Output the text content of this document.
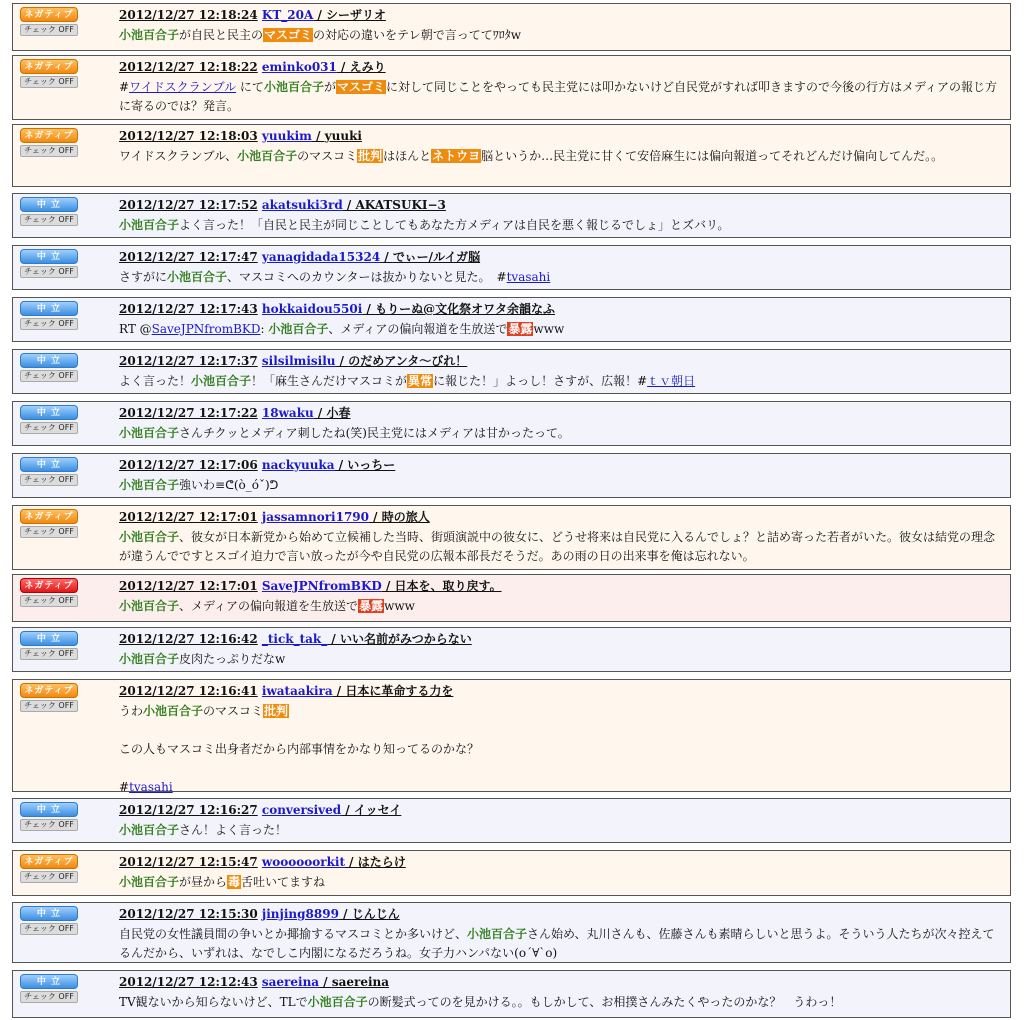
ネガティブ
チェック OFF
2012/12/27 12:18:24 KT_20A / シーザリオ
小池百合子が自民と民主のマスゴミの対応の違いをテレ朝で言っててﾜﾛﾀw
ネガティブ
チェック OFF
2012/12/27 12:18:22 eminko031 / えみり
#ワイドスクランブル にて小池百合子がマスゴミに対して同じことをやっても民主党には叩かないけど自民党がすれば叩きますので今後の行方はメディアの報じ方に寄るのでは？発言。
ネガティブ
チェック OFF
2012/12/27 12:18:03 yuukim / yuuki
ワイドスクランブル、小池百合子のマスコミ批判はほんとネトウヨ脳というか…民主党に甘くて安倍麻生には偏向報道ってそれどんだけ偏向してんだ。。
中 立
チェック OFF
2012/12/27 12:17:52 akatsuki3rd / AKATSUKI−3
小池百合子よく言った！「自民と民主が同じことしてもあなた方メディアは自民を悪く報じるでしょ」とズバリ。
中 立
チェック OFF
2012/12/27 12:17:47 yanagidada15324 / でぃー/ルイガ脳
さすがに小池百合子、マスコミへのカウンターは抜かりないと見た。　#tvasahi
中 立
チェック OFF
2012/12/27 12:17:43 hokkaidou550i / もりーぬ@文化祭オワタ余韻なふ
RT @SaveJPNfromBKD: 小池百合子、メディアの偏向報道を生放送で暴露www
中 立
チェック OFF
2012/12/27 12:17:37 silsilmisilu / のだめアンタ〜びれ！
よく言った！小池百合子！「麻生さんだけマスコミが異常に報じた！」よっし！さすが、広報！#ｔｖ朝日
中 立
チェック OFF
2012/12/27 12:17:22 18waku / 小春
小池百合子さんチクッとメディア刺したね(笑)民主党にはメディアは甘かったって。
中 立
チェック OFF
2012/12/27 12:17:06 nackyuuka / いっちー
小池百合子強いわ≡ᕦ(ò_óˇ)ᕤ
ネガティブ
チェック OFF
2012/12/27 12:17:01 jassamnori1790 / 時の旅人
小池百合子、彼女が日本新党から始めて立候補した当時、街頭演説中の彼女に、どうせ将来は自民党に入るんでしょ？と詰め寄った若者がいた。彼女は結党の理念が違うんでですとスゴイ迫力で言い放ったが今や自民党の広報本部長だそうだ。あの雨の日の出来事を俺は忘れない。
ネガティブ
チェック OFF
2012/12/27 12:17:01 SaveJPNfromBKD / 日本を、取り戻す。
小池百合子、メディアの偏向報道を生放送で暴露www
中 立
チェック OFF
2012/12/27 12:16:42 _tick_tak_ / いい名前がみつからない
小池百合子皮肉たっぷりだなw
ネガティブ
チェック OFF
2012/12/27 12:16:41 iwataakira / 日本に革命する力を
うわ小池百合子のマスコミ批判

この人もマスコミ出身者だから内部事情をかなり知ってるのかな？

#tvasahi
中 立
チェック OFF
2012/12/27 12:16:27 conversived / イッセイ
小池百合子さん！よく言った！
ネガティブ
チェック OFF
2012/12/27 12:15:47 woooooorkit / はたらけ
小池百合子が昼から毒舌吐いてますね
中 立
チェック OFF
2012/12/27 12:15:30 jinjing8899 / じんじん
自民党の女性議員間の争いとか揶揄するマスコミとか多いけど、小池百合子さん始め、丸川さんも、佐藤さんも素晴らしいと思うよ。そういう人たちが次々控えてるんだから、いずれは、なでしこ内閣になるだろうね。女子力ハンパない(o´∀`o)
中 立
チェック OFF
2012/12/27 12:12:43 saereina / saereina
TV観ないから知らないけど、TLで小池百合子の断髪式ってのを見かける。。もしかして、お相撲さんみたくやったのかな？　うわっ！
